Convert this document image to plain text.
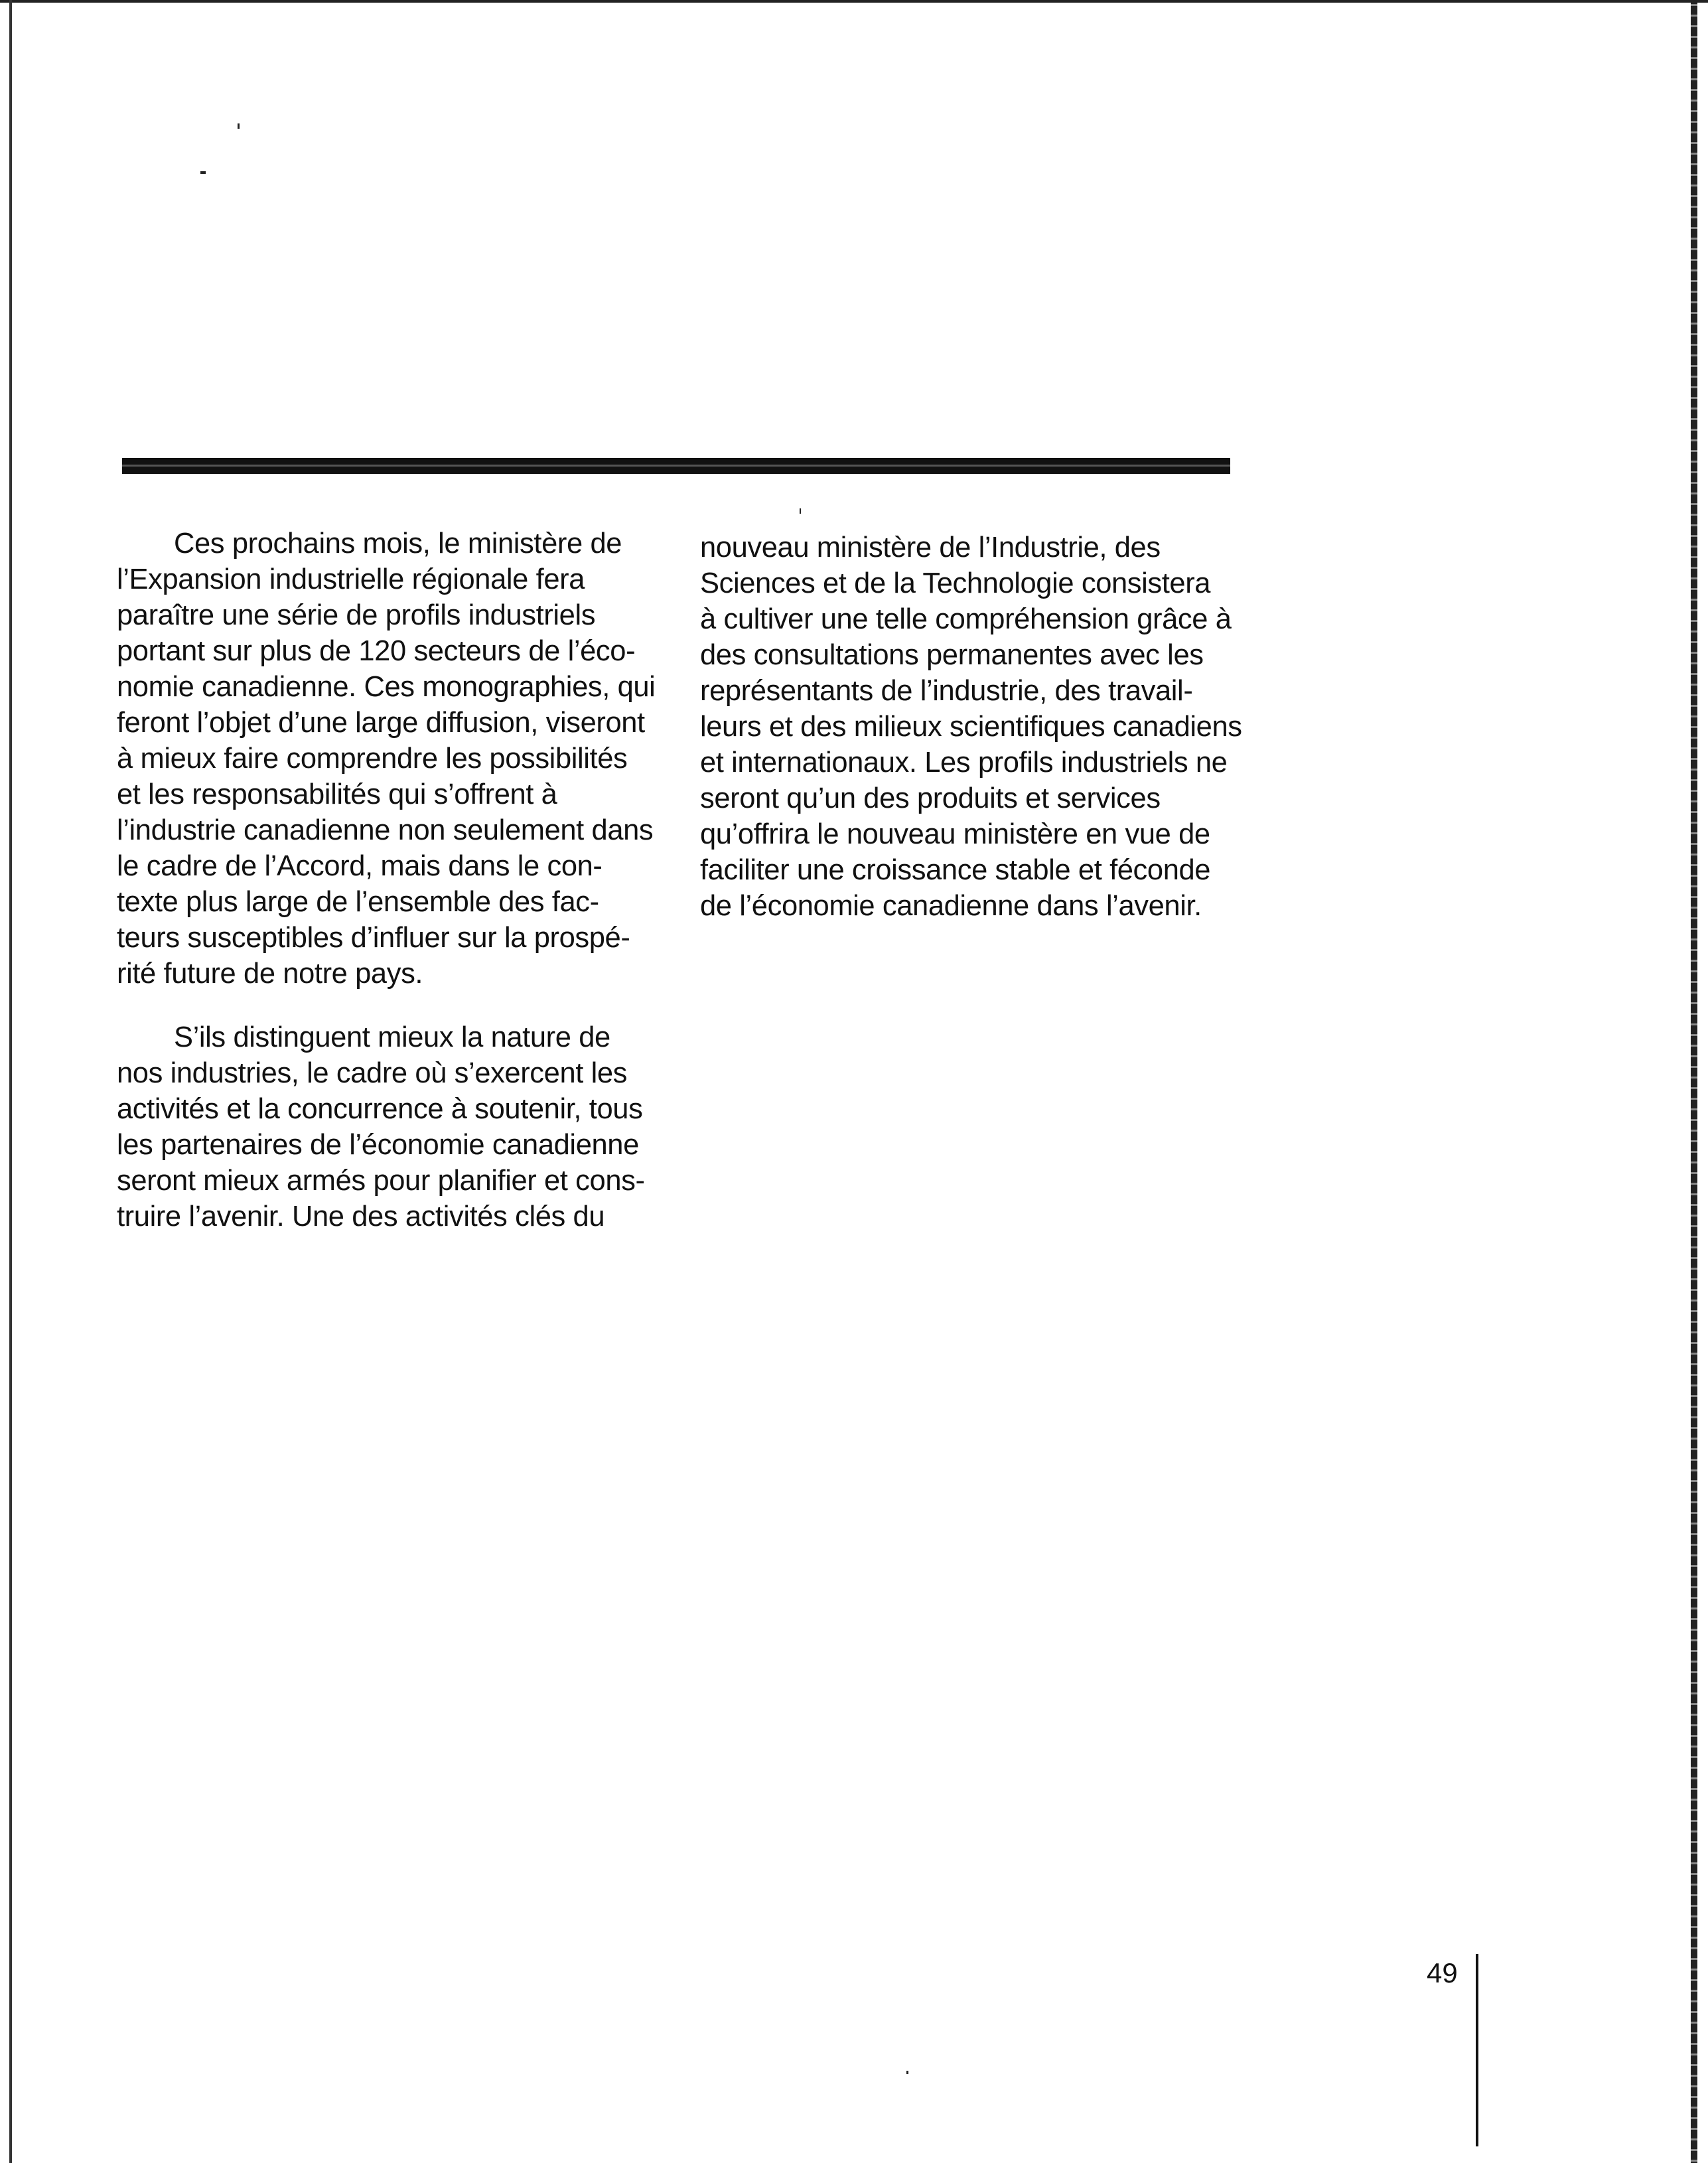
Ces prochains mois, le ministère de
l’Expansion industrielle régionale fera
paraître une série de profils industriels
portant sur plus de 120 secteurs de l’éco-
nomie canadienne. Ces monographies, qui
feront l’objet d’une large diffusion, viseront
à mieux faire comprendre les possibilités
et les responsabilités qui s’offrent à
l’industrie canadienne non seulement dans
le cadre de l’Accord, mais dans le con-
texte plus large de l’ensemble des fac-
teurs susceptibles d’influer sur la prospé-
rité future de notre pays.
S’ils distinguent mieux la nature de
nos industries, le cadre où s’exercent les
activités et la concurrence à soutenir, tous
les partenaires de l’économie canadienne
seront mieux armés pour planifier et cons-
truire l’avenir. Une des activités clés du
nouveau ministère de l’Industrie, des
Sciences et de la Technologie consistera
à cultiver une telle compréhension grâce à
des consultations permanentes avec les
représentants de l’industrie, des travail-
leurs et des milieux scientifiques canadiens
et internationaux. Les profils industriels ne
seront qu’un des produits et services
qu’offrira le nouveau ministère en vue de
faciliter une croissance stable et féconde
de l’économie canadienne dans l’avenir.
49
